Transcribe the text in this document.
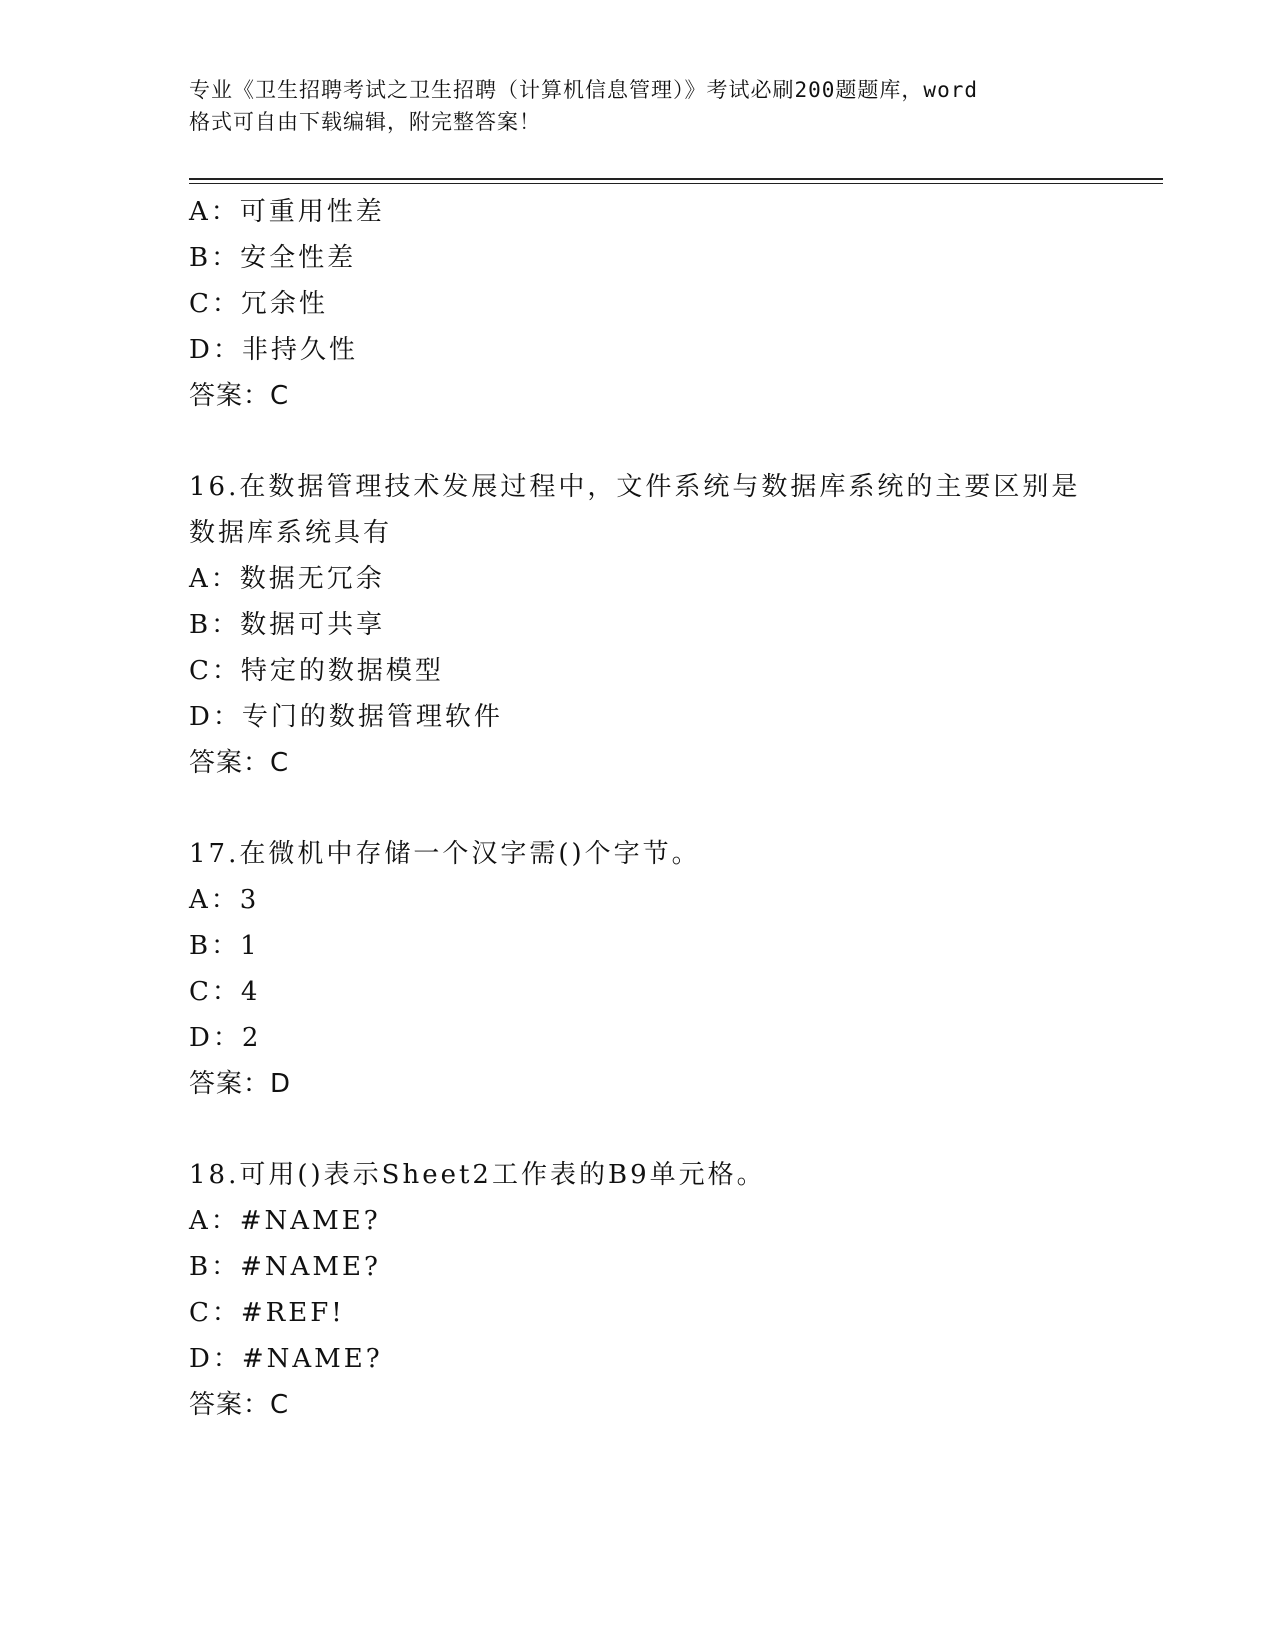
专业《卫生招聘考试之卫生招聘（计算机信息管理）》考试必刷200题题库，word
格式可自由下载编辑，附完整答案！
A：可重用性差
B：安全性差
C：冗余性
D：非持久性
答案：C
16.在数据管理技术发展过程中，文件系统与数据库系统的主要区别是
数据库系统具有
A：数据无冗余
B：数据可共享
C：特定的数据模型
D：专门的数据管理软件
答案：C
17.在微机中存储一个汉字需()个字节。
A：3
B：1
C：4
D：2
答案：D
18.可用()表示Sheet2工作表的B9单元格。
A：#NAME?
B：#NAME?
C：#REF!
D：#NAME?
答案：C
